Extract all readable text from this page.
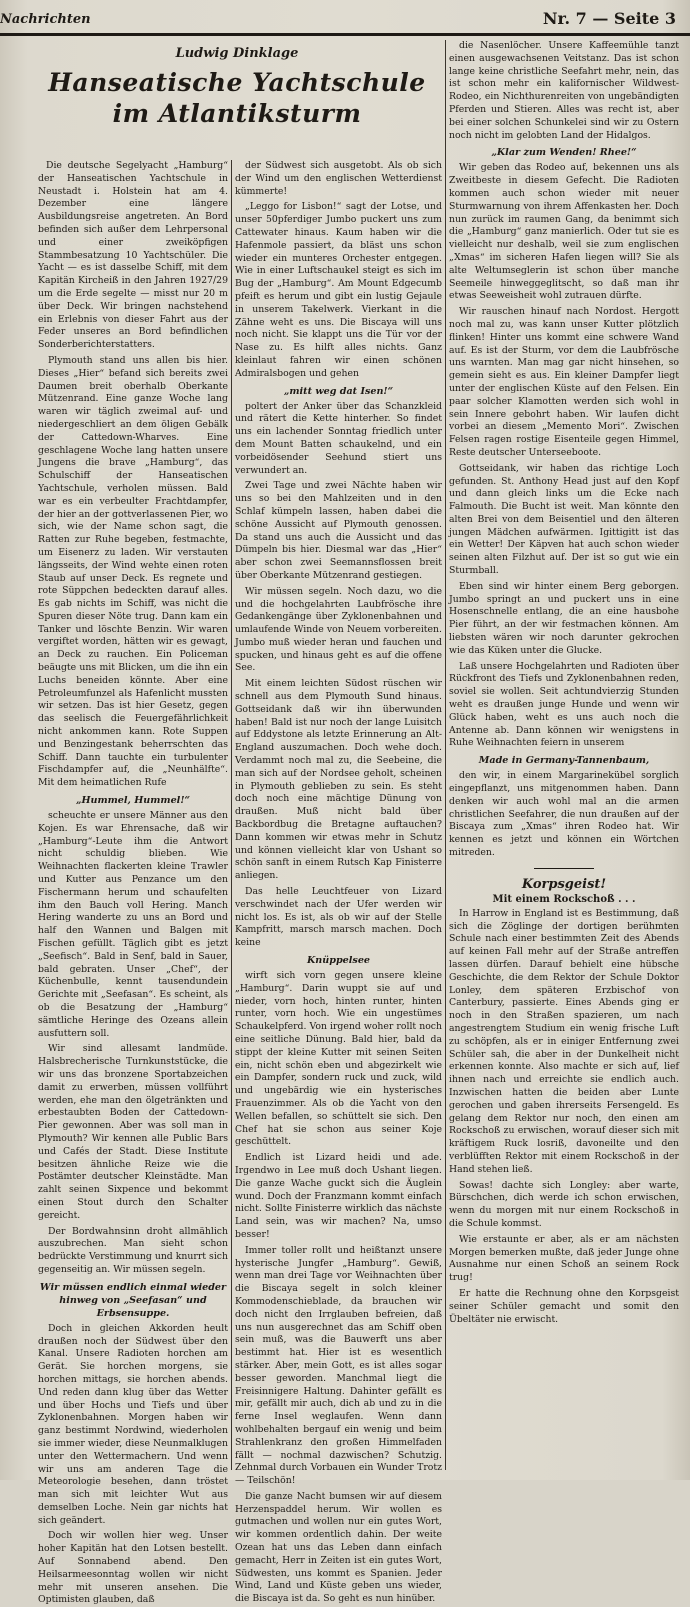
Nachrichten	Nr. 7 — Seite 3
Ludwig Dinklage
Hanseatische Yachtschule
im Atlantiksturm

Die deutsche Segelyacht „Hamburg“ der Hanseatischen Yachtschule in Neustadt i. Holstein hat am 4. Dezember eine längere Ausbildungsreise angetreten. An Bord befinden sich außer dem Lehrpersonal und einer zweiköpfigen Stammbesatzung 10 Yachtschüler. Die Yacht — es ist dasselbe Schiff, mit dem Kapitän Kircheiß in den Jahren 1927/29 um die Erde segelte — misst nur 20 m über Deck. Wir bringen nachstehend ein Erlebnis von dieser Fahrt aus der Feder unseres an Bord befindlichen Sonderberichterstatters.

Plymouth stand uns allen bis hier. Dieses „Hier“ befand sich bereits zwei Daumen breit oberhalb Oberkante Mützenrand. Eine ganze Woche lang waren wir täglich zweimal auf- und niedergeschliert an dem öligen Gebälk der Cattedown-Wharves. Eine geschlagene Woche lang hatten unsere Jungens die brave „Hamburg“, das Schulschiff der Hanseatischen Yachtschule, verholen müssen. Bald war es ein verbeulter Frachtdampfer, der hier an der gottverlassenen Pier, wo sich, wie der Name schon sagt, die Ratten zur Ruhe begeben, festmachte, um Eisenerz zu laden. Wir verstauten längsseits, der Wind wehte einen roten Staub auf unser Deck. Es regnete und rote Süppchen bedeckten darauf alles. Es gab nichts im Schiff, was nicht die Spuren dieser Nöte trug. Dann kam ein Tanker und löschte Benzin. Wir waren vergiftet worden, hätten wir es gewagt, an Deck zu rauchen. Ein Policeman beäugte uns mit Blicken, um die ihn ein Luchs beneiden könnte. Aber eine Petroleumfunzel als Hafenlicht mussten wir setzen. Das ist hier Gesetz, gegen das seelisch die Feuergefährlichkeit nicht ankommen kann. Rote Suppen und Benzingestank beherrschten das Schiff. Dann tauchte ein turbulenter Fischdampfer auf, die „Neunhälfte“. Mit dem heimatlichen Rufe

„Hummel, Hummel!“

scheuchte er unsere Männer aus den Kojen. Es war Ehrensache, daß wir „Hamburg“-Leute ihm die Antwort nicht schuldig blieben. Wie Weihnachten flackerten kleine Trawler und Kutter aus Penzance um den Fischermann herum und schaufelten ihm den Bauch voll Hering. Manch Hering wanderte zu uns an Bord und half den Wannen und Balgen mit Fischen gefüllt. Täglich gibt es jetzt „Seefisch“. Bald in Senf, bald in Sauer, bald gebraten. Unser „Chef“, der Küchenbulle, kennt tausendundein Gerichte mit „Seefasan“. Es scheint, als ob die Besatzung der „Hamburg“ sämtliche Heringe des Ozeans allein ausfuttern soll.

Wir sind allesamt landmüde. Halsbrecherische Turnkunststücke, die wir uns das bronzene Sportabzeichen damit zu erwerben, müssen vollführt werden, ehe man den ölgetränkten und erbestaubten Boden der Cattedown-Pier gewonnen. Aber was soll man in Plymouth? Wir kennen alle Public Bars und Cafés der Stadt. Diese Institute besitzen ähnliche Reize wie die Postämter deutscher Kleinstädte. Man zahlt seinen Sixpence und bekommt einen Stout durch den Schalter gereicht.

Der Bordwahnsinn droht allmählich auszubrechen. Man sieht schon bedrückte Verstimmung und knurrt sich gegenseitig an. Wir müssen segeln.

Wir müssen endlich einmal wieder hinweg von „Seefasan“ und Erbsensuppe.

Doch in gleichen Akkorden heult draußen noch der Südwest über den Kanal. Unsere Radioten horchen am Gerät. Sie horchen morgens, sie horchen mittags, sie horchen abends. Und reden dann klug über das Wetter und über Hochs und Tiefs und über Zyklonenbahnen. Morgen haben wir ganz bestimmt Nordwind, wiederholen sie immer wieder, diese Neunmalklugen unter den Wettermachern. Und wenn wir uns am anderen Tage die Meteorologie besehen, dann tröstet man sich mit leichter Wut aus demselben Loche. Nein gar nichts hat sich geändert.

Doch wir wollen hier weg. Unser hoher Kapitän hat den Lotsen bestellt. Auf Sonnabend abend. Den Heilsarmeesonntag wollen wir nicht mehr mit unseren ansehen. Die Optimisten glauben, daß

der Südwest sich ausgetobt. Als ob sich der Wind um den englischen Wetterdienst kümmerte!

„Leggo for Lisbon!“ sagt der Lotse, und unser 50pferdiger Jumbo puckert uns zum Cattewater hinaus. Kaum haben wir die Hafenmole passiert, da bläst uns schon wieder ein munteres Orchester entgegen. Wie in einer Luftschaukel steigt es sich im Bug der „Hamburg“. Am Mount Edgecumb pfeift es herum und gibt ein lustig Gejaule in unserem Takelwerk. Vierkant in die Zähne weht es uns. Die Biscaya will uns noch nicht. Sie klappt uns die Tür vor der Nase zu. Es hilft alles nichts. Ganz kleinlaut fahren wir einen schönen Admiralsbogen und gehen

„mitt weg dat Isen!“

poltert der Anker über das Schanzkleid und rätert die Kette hinterher. So findet uns ein lachender Sonntag friedlich unter dem Mount Batten schaukelnd, und ein vorbeidösender Seehund stiert uns verwundert an.

Zwei Tage und zwei Nächte haben wir uns so bei den Mahlzeiten und in den Schlaf kümpeln lassen, haben dabei die schöne Aussicht auf Plymouth genossen. Da stand uns auch die Aussicht und das Dümpeln bis hier. Diesmal war das „Hier“ aber schon zwei Seemannsflossen breit über Oberkante Mützenrand gestiegen.

Wir müssen segeln. Noch dazu, wo die und die hochgelahrten Laubfrösche ihre Gedankengänge über Zyklonenbahnen und umlaufende Winde von Neuem vorbereiten. Jumbo muß wieder heran und fauchen und spucken, und hinaus geht es auf die offene See.

Mit einem leichten Südost rüschen wir schnell aus dem Plymouth Sund hinaus. Gottseidank daß wir ihn überwunden haben! Bald ist nur noch der lange Luisitch auf Eddystone als letzte Erinnerung an Alt-England auszumachen. Doch wehe doch. Verdammt noch mal zu, die Seebeine, die man sich auf der Nordsee geholt, scheinen in Plymouth geblieben zu sein. Es steht doch noch eine mächtige Dünung von draußen. Muß nicht bald über Backbordbug die Bretagne auftauchen? Dann kommen wir etwas mehr in Schutz und können vielleicht klar von Ushant so schön sanft in einem Rutsch Kap Finisterre anliegen.

Das helle Leuchtfeuer von Lizard verschwindet nach der Ufer werden wir nicht los. Es ist, als ob wir auf der Stelle Kampfritt, marsch marsch machen. Doch keine

Knüppelsee

wirft sich vorn gegen unsere kleine „Hamburg“. Darin wuppt sie auf und nieder, vorn hoch, hinten runter, hinten runter, vorn hoch. Wie ein ungestümes Schaukelpferd. Von irgend woher rollt noch eine seitliche Dünung. Bald hier, bald da stippt der kleine Kutter mit seinen Seiten ein, nicht schön eben und abgezirkelt wie ein Dampfer, sondern ruck und zuck, wild und ungebärdig wie ein hysterisches Frauenzimmer. Als ob die Yacht von den Wellen befallen, so schüttelt sie sich. Den Chef hat sie schon aus seiner Koje geschüttelt.

Endlich ist Lizard heidi und ade. Irgendwo in Lee muß doch Ushant liegen. Die ganze Wache guckt sich die Äuglein wund. Doch der Franzmann kommt einfach nicht. Sollte Finisterre wirklich das nächste Land sein, was wir machen? Na, umso besser!

Immer toller rollt und heißtanzt unsere hysterische Jungfer „Hamburg“. Gewiß, wenn man drei Tage vor Weihnachten über die Biscaya segelt in solch kleiner Kommodenschieblade, da brauchen wir doch nicht den Irrglauben befreien, daß uns nun ausgerechnet das am Schiff oben sein muß, was die Bauwerft uns aber bestimmt hat. Hier ist es wesentlich stärker. Aber, mein Gott, es ist alles sogar besser geworden. Manchmal liegt die Freisinnigere Haltung. Dahinter gefällt es mir, gefällt mir auch, dich ab und zu in die ferne Insel weglaufen. Wenn dann wohlbehalten bergauf ein wenig und beim Strahlenkranz den großen Himmelfaden fällt — nochmal dazwischen? Schutzig. Zehnmal durch Vorbauen ein Wunder Trotz — Teilschön!

Die ganze Nacht bumsen wir auf diesem Herzenspaddel herum. Wir wollen es gutmachen und wollen nur ein gutes Wort, wir kommen ordentlich dahin. Der weite Ozean hat uns das Leben dann einfach gemacht, Herr in Zeiten ist ein gutes Wort, Südwesten, uns kommt es Spanien. Jeder Wind, Land und Küste geben uns wieder, die Biscaya ist da. So geht es nun hinüber.

die Nasenlöcher. Unsere Kaffeemühle tanzt einen ausgewachsenen Veitstanz. Das ist schon lange keine christliche Seefahrt mehr, nein, das ist schon mehr ein kalifornischer Wildwest-Rodeo, ein Nichthurenreiten von ungebändigten Pferden und Stieren. Alles was recht ist, aber bei einer solchen Schunkelei sind wir zu Ostern noch nicht im gelobten Land der Hidalgos.

„Klar zum Wenden! Rhee!“

Wir geben das Rodeo auf, bekennen uns als Zweitbeste in diesem Gefecht. Die Radioten kommen auch schon wieder mit neuer Sturmwarnung von ihrem Affenkasten her. Doch nun zurück im raumen Gang, da benimmt sich die „Hamburg“ ganz manierlich. Oder tut sie es vielleicht nur deshalb, weil sie zum englischen „Xmas“ im sicheren Hafen liegen will? Sie als alte Weltumseglerin ist schon über manche Seemeile hinweggeglitscht, so daß man ihr etwas Seeweisheit wohl zutrauen dürfte.

Wir rauschen hinauf nach Nordost. Hergott noch mal zu, was kann unser Kutter plötzlich flinken! Hinter uns kommt eine schwere Wand auf. Es ist der Sturm, vor dem die Laubfrösche uns warnten. Man mag gar nicht hinsehen, so gemein sieht es aus. Ein kleiner Dampfer liegt unter der englischen Küste auf den Felsen. Ein paar solcher Klamotten werden sich wohl in sein Innere gebohrt haben. Wir laufen dicht vorbei an diesem „Memento Mori“. Zwischen Felsen ragen rostige Eisenteile gegen Himmel, Reste deutscher Unterseeboote.

Gottseidank, wir haben das richtige Loch gefunden. St. Anthony Head just auf den Kopf und dann gleich links um die Ecke nach Falmouth. Die Bucht ist weit. Man könnte den alten Brei von dem Beisentiel und den älteren jungen Mädchen aufwärmen. Igittigitt ist das ein Wetter! Der Käpven hat auch schon wieder seinen alten Filzhut auf. Der ist so gut wie ein Sturmball.

Eben sind wir hinter einem Berg geborgen. Jumbo springt an und puckert uns in eine Hosenschnelle entlang, die an eine hausbohe Pier führt, an der wir festmachen können. Am liebsten wären wir noch darunter gekrochen wie das Küken unter die Glucke.

Laß unsere Hochgelahrten und Radioten über Rückfront des Tiefs und Zyklonenbahnen reden, soviel sie wollen. Seit achtundvierzig Stunden weht es draußen junge Hunde und wenn wir Glück haben, weht es uns auch noch die Antenne ab. Dann können wir wenigstens in Ruhe Weihnachten feiern in unserem

Made in Germany-Tannenbaum,

den wir, in einem Margarinekübel sorglich eingepflanzt, uns mitgenommen haben. Dann denken wir auch wohl mal an die armen christlichen Seefahrer, die nun draußen auf der Biscaya zum „Xmas“ ihren Rodeo hat. Wir kennen es jetzt und können ein Wörtchen mitreden.

Korpsgeist!
Mit einem Rockschoß . . .

In Harrow in England ist es Bestimmung, daß sich die Zöglinge der dortigen berühmten Schule nach einer bestimmten Zeit des Abends auf keinen Fall mehr auf der Straße antreffen lassen dürfen. Darauf behielt eine hübsche Geschichte, die dem Rektor der Schule Doktor Lonley, dem späteren Erzbischof von Canterbury, passierte. Eines Abends ging er noch in den Straßen spazieren, um nach angestrengtem Studium ein wenig frische Luft zu schöpfen, als er in einiger Entfernung zwei Schüler sah, die aber in der Dunkelheit nicht erkennen konnte. Also machte er sich auf, lief ihnen nach und erreichte sie endlich auch. Inzwischen hatten die beiden aber Lunte gerochen und gaben ihrerseits Fersengeld. Es gelang dem Rektor nur noch, den einen am Rockschoß zu erwischen, worauf dieser sich mit kräftigem Ruck losriß, davoneilte und den verblüfften Rektor mit einem Rockschoß in der Hand stehen ließ.

Sowas! dachte sich Longley: aber warte, Bürschchen, dich werde ich schon erwischen, wenn du morgen mit nur einem Rockschoß in die Schule kommst.

Wie erstaunte er aber, als er am nächsten Morgen bemerken mußte, daß jeder Junge ohne Ausnahme nur einen Schoß an seinem Rock trug!

Er hatte die Rechnung ohne den Korpsgeist seiner Schüler gemacht und somit den Übeltäter nie erwischt.
